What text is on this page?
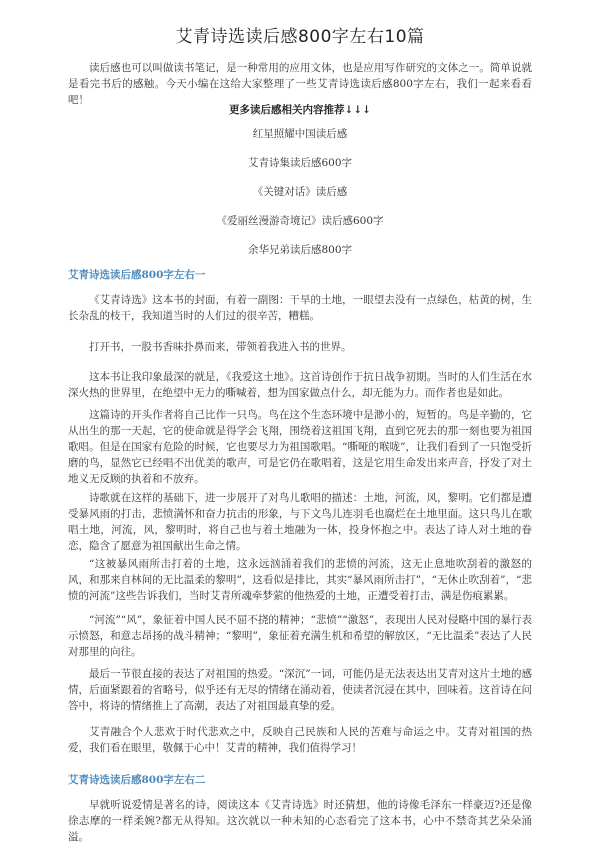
艾青诗选读后感800字左右10篇

读后感也可以叫做读书笔记，是一种常用的应用文体，也是应用写作研究的文体之一。简单说就是看完书后的感触。今天小编在这给大家整理了一些艾青诗选读后感800字左右，我们一起来看看吧！

更多读后感相关内容推荐↓↓↓
红星照耀中国读后感
艾青诗集读后感600字
《关键对话》读后感
《爱丽丝漫游奇境记》读后感600字
余华兄弟读后感800字
艾青诗选读后感800字左右一

《艾青诗选》这本书的封面，有着一副图：干旱的土地，一眼望去没有一点绿色，枯黄的树，生长杂乱的枝干，我知道当时的人们过的很辛苦，糟糕。

打开书，一股书香味扑鼻而来，带领着我进入书的世界。

这本书让我印象最深的就是，《我爱这土地》。这首诗创作于抗日战争初期。当时的人们生活在水深火热的世界里，在绝望中无力的嘶喊着，想为国家做点什么，却无能为力。而作者也是如此。

这篇诗的开头作者将自己比作一只鸟。鸟在这个生态环境中是渺小的，短暂的。鸟是辛勤的，它从出生的那一天起，它的使命就是得学会飞翔，围绕着这祖国飞翔，直到它死去的那一刻也要为祖国歌唱。但是在国家有危险的时候，它也要尽力为祖国歌唱。“嘶哑的喉咙”，让我们看到了一只饱受折磨的鸟，显然它已经唱不出优美的歌声，可是它仍在歌唱着，这是它用生命发出来声音，抒发了对土地义无反顾的执着和不放弃。

诗歌就在这样的基础下，进一步展开了对鸟儿歌唱的描述：土地，河流，风，黎明。它们都是遭受暴风雨的打击，悲愤满怀和奋力抗击的形象，与下文鸟儿连羽毛也腐烂在土地里面。这只鸟儿在歌唱土地，河流，风，黎明时，将自己也与着土地融为一体，投身怀抱之中。表达了诗人对土地的眷恋，隐含了愿意为祖国献出生命之情。

“这被暴风雨所击打着的土地，这永远汹涌着我们的悲愤的河流，这无止息地吹刮着的激怒的风，和那来自林间的无比温柔的黎明”，这看似是排比，其实“暴风雨所击打”，“无休止吹刮着”，“悲愤的河流”这些告诉我们，当时艾青所魂牵梦萦的他热爱的土地，正遭受着打击，满是伤痕累累。

“河流”“风”，象征着中国人民不屈不挠的精神；“悲愤”“激怒”，表现出人民对侵略中国的暴行表示愤怒，和意志昂扬的战斗精神；“黎明”，象征着充满生机和希望的解放区，“无比温柔”表达了人民对那里的向往。

最后一节很直接的表达了对祖国的热爱。“深沉”一词，可能仍是无法表达出艾青对这片土地的感情，后面紧跟着的省略号，似乎还有无尽的情绪在涌动着，使读者沉浸在其中，回味着。这首诗在问答中，将诗的情绪推上了高潮，表达了对祖国最真挚的爱。

艾青融合个人悲欢于时代悲欢之中，反映自己民族和人民的苦难与命运之中。艾青对祖国的热爱，我们看在眼里，敬佩于心中！艾青的精神，我们值得学习！

艾青诗选读后感800字左右二

早就听说爱情是著名的诗，阅读这本《艾青诗选》时还猜想，他的诗像毛泽东一样豪迈?还是像徐志摩的一样柔婉?都无从得知。这次就以一种未知的心态看完了这本书，心中不禁奇其艺朵朵涌溢。
